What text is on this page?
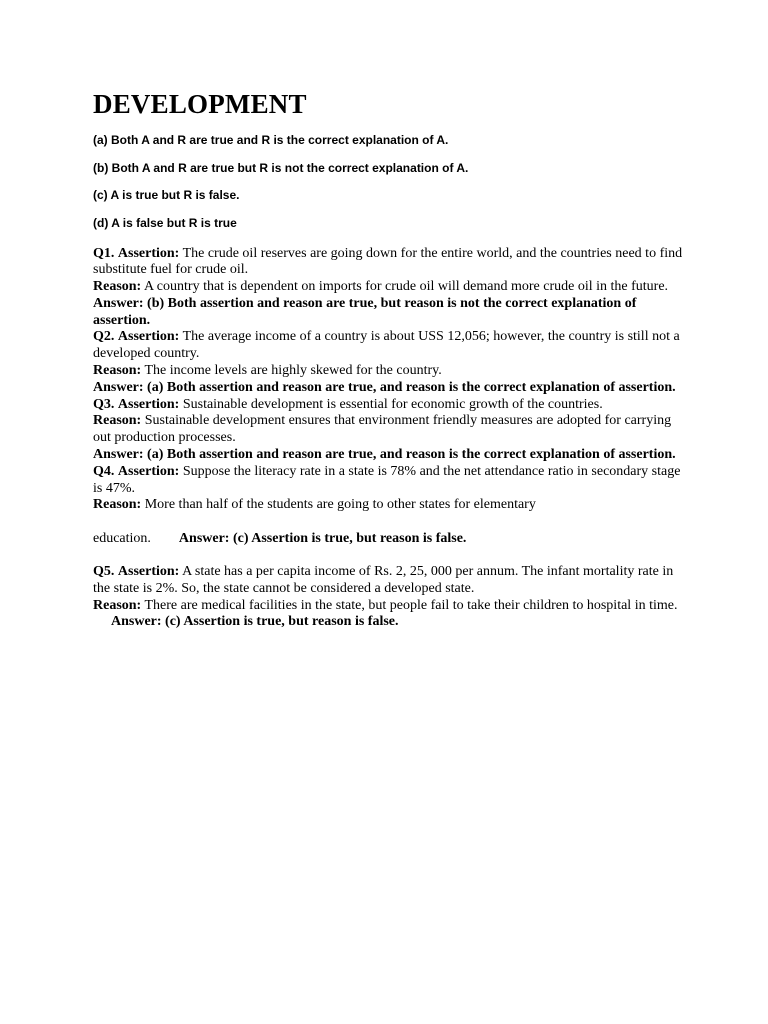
DEVELOPMENT

(a) Both A and R are true and R is the correct explanation of A.

(b) Both A and R are true but R is not the correct explanation of A.

(c) A is true but R is false.

(d) A is false but R is true

Q1. Assertion: The crude oil reserves are going down for the entire world, and the countries need to find substitute fuel for crude oil.

Reason: A country that is dependent on imports for crude oil will demand more crude oil in the future.

Answer: (b) Both assertion and reason are true, but reason is not the correct explanation of assertion.

Q2. Assertion: The average income of a country is about USS 12,056; however, the country is still not a developed country.

Reason: The income levels are highly skewed for the country.

Answer: (a) Both assertion and reason are true, and reason is the correct explanation of assertion.

Q3. Assertion: Sustainable development is essential for economic growth of the countries.

Reason: Sustainable development ensures that environment friendly measures are adopted for carrying out production processes.

Answer: (a) Both assertion and reason are true, and reason is the correct explanation of assertion.

Q4. Assertion: Suppose the literacy rate in a state is 78% and the net attendance ratio in secondary stage is 47%.

Reason: More than half of the students are going to other states for elementary

education. Answer: (c) Assertion is true, but reason is false.

Q5. Assertion: A state has a per capita income of Rs. 2, 25, 000 per annum. The infant mortality rate in the state is 2%. So, the state cannot be considered a developed state.

Reason: There are medical facilities in the state, but people fail to take their children to hospital in time.Answer: (c) Assertion is true, but reason is false.
